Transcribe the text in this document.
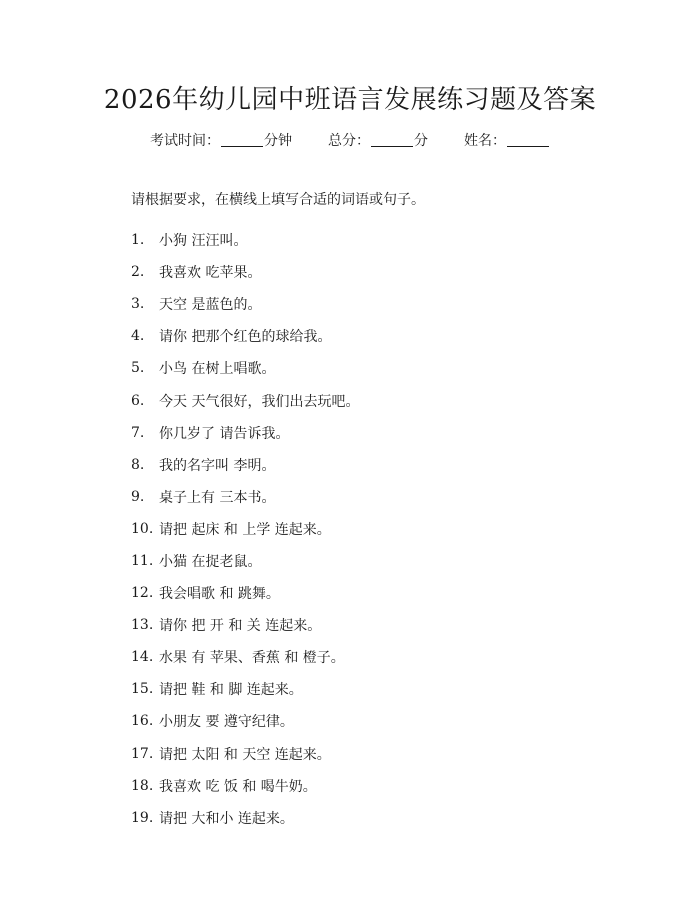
2026年幼儿园中班语言发展练习题及答案
考试时间：	分钟	总分：	分	姓名：
请根据要求，在横线上填写合适的词语或句子。
1.	小狗 汪汪叫。
2.	我喜欢 吃苹果。
3.	天空 是蓝色的。
4.	请你 把那个红色的球给我。
5.	小鸟 在树上唱歌。
6.	今天 天气很好，我们出去玩吧。
7.	你几岁了 请告诉我。
8.	我的名字叫 李明。
9.	桌子上有 三本书。
10. 请把 起床 和 上学 连起来。
11. 小猫 在捉老鼠。
12. 我会唱歌 和 跳舞。
13. 请你 把 开 和 关 连起来。
14. 水果 有 苹果、香蕉 和 橙子。
15. 请把 鞋 和 脚 连起来。
16. 小朋友 要 遵守纪律。
17. 请把 太阳 和 天空 连起来。
18. 我喜欢 吃 饭 和 喝牛奶。
19. 请把 大和小 连起来。
